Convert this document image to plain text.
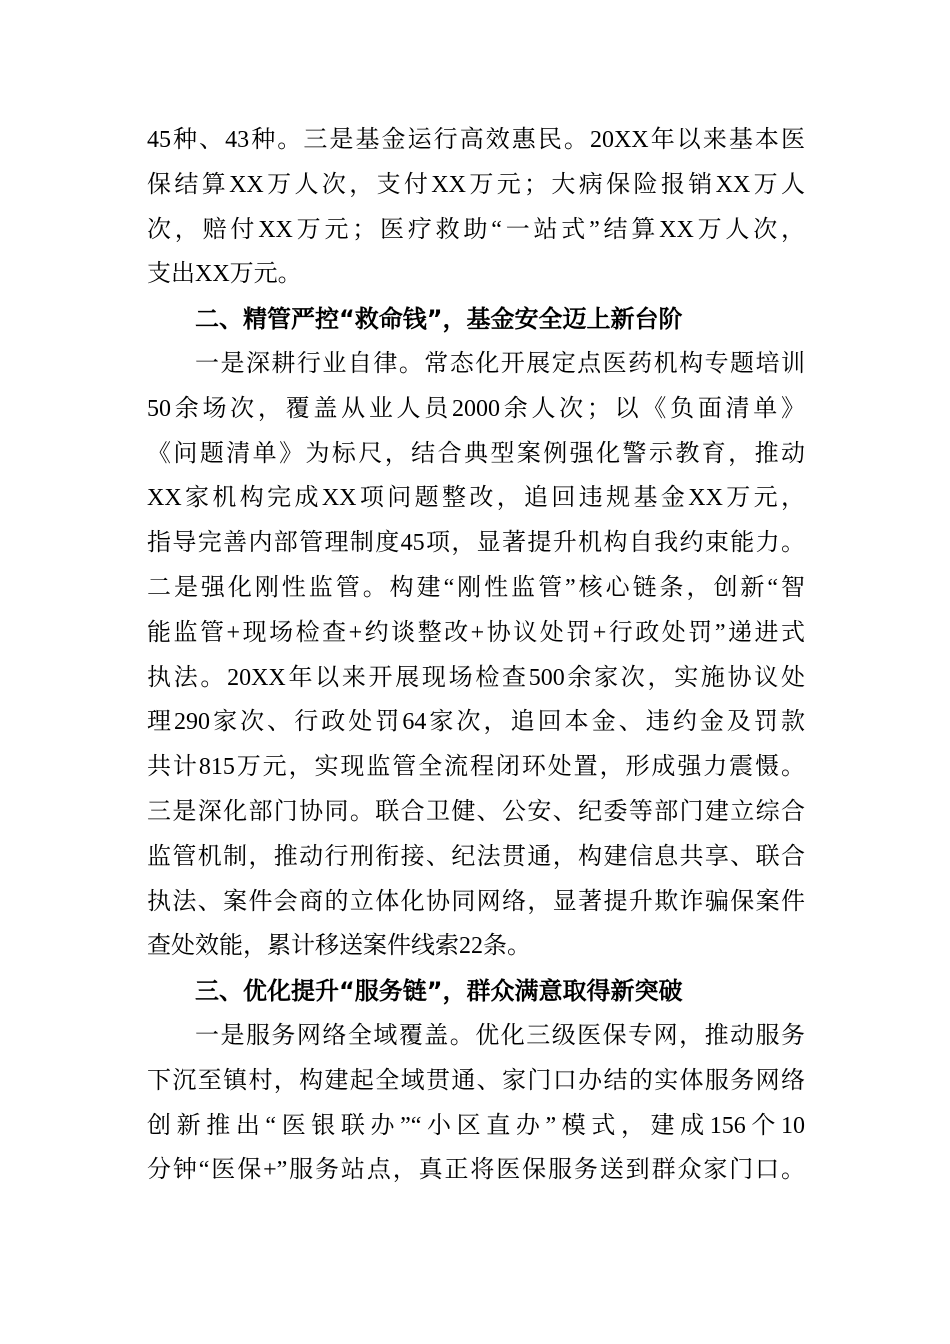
45种、43种。三是基金运行高效惠民。20XX年以来基本医
保结算XX万人次，支付XX万元；大病保险报销XX万人
次，赔付XX万元；医疗救助“一站式”结算XX万人次，
支出XX万元。
二、精管严控“救命钱”，基金安全迈上新台阶
一是深耕行业自律。常态化开展定点医药机构专题培训
50余场次，覆盖从业人员2000余人次；以《负面清单》
《问题清单》为标尺，结合典型案例强化警示教育，推动
XX家机构完成XX项问题整改，追回违规基金XX万元，
指导完善内部管理制度45项，显著提升机构自我约束能力。
二是强化刚性监管。构建“刚性监管”核心链条，创新“智
能监管+现场检查+约谈整改+协议处罚+行政处罚”递进式
执法。20XX年以来开展现场检查500余家次，实施协议处
理290家次、行政处罚64家次，追回本金、违约金及罚款
共计815万元，实现监管全流程闭环处置，形成强力震慑。
三是深化部门协同。联合卫健、公安、纪委等部门建立综合
监管机制，推动行刑衔接、纪法贯通，构建信息共享、联合
执法、案件会商的立体化协同网络，显著提升欺诈骗保案件
查处效能，累计移送案件线索22条。
三、优化提升“服务链”，群众满意取得新突破
一是服务网络全域覆盖。优化三级医保专网，推动服务
下沉至镇村，构建起全域贯通、家门口办结的实体服务网络
创新推出“医银联办”“小区直办”模式，建成156个10
分钟“医保+”服务站点，真正将医保服务送到群众家门口。
